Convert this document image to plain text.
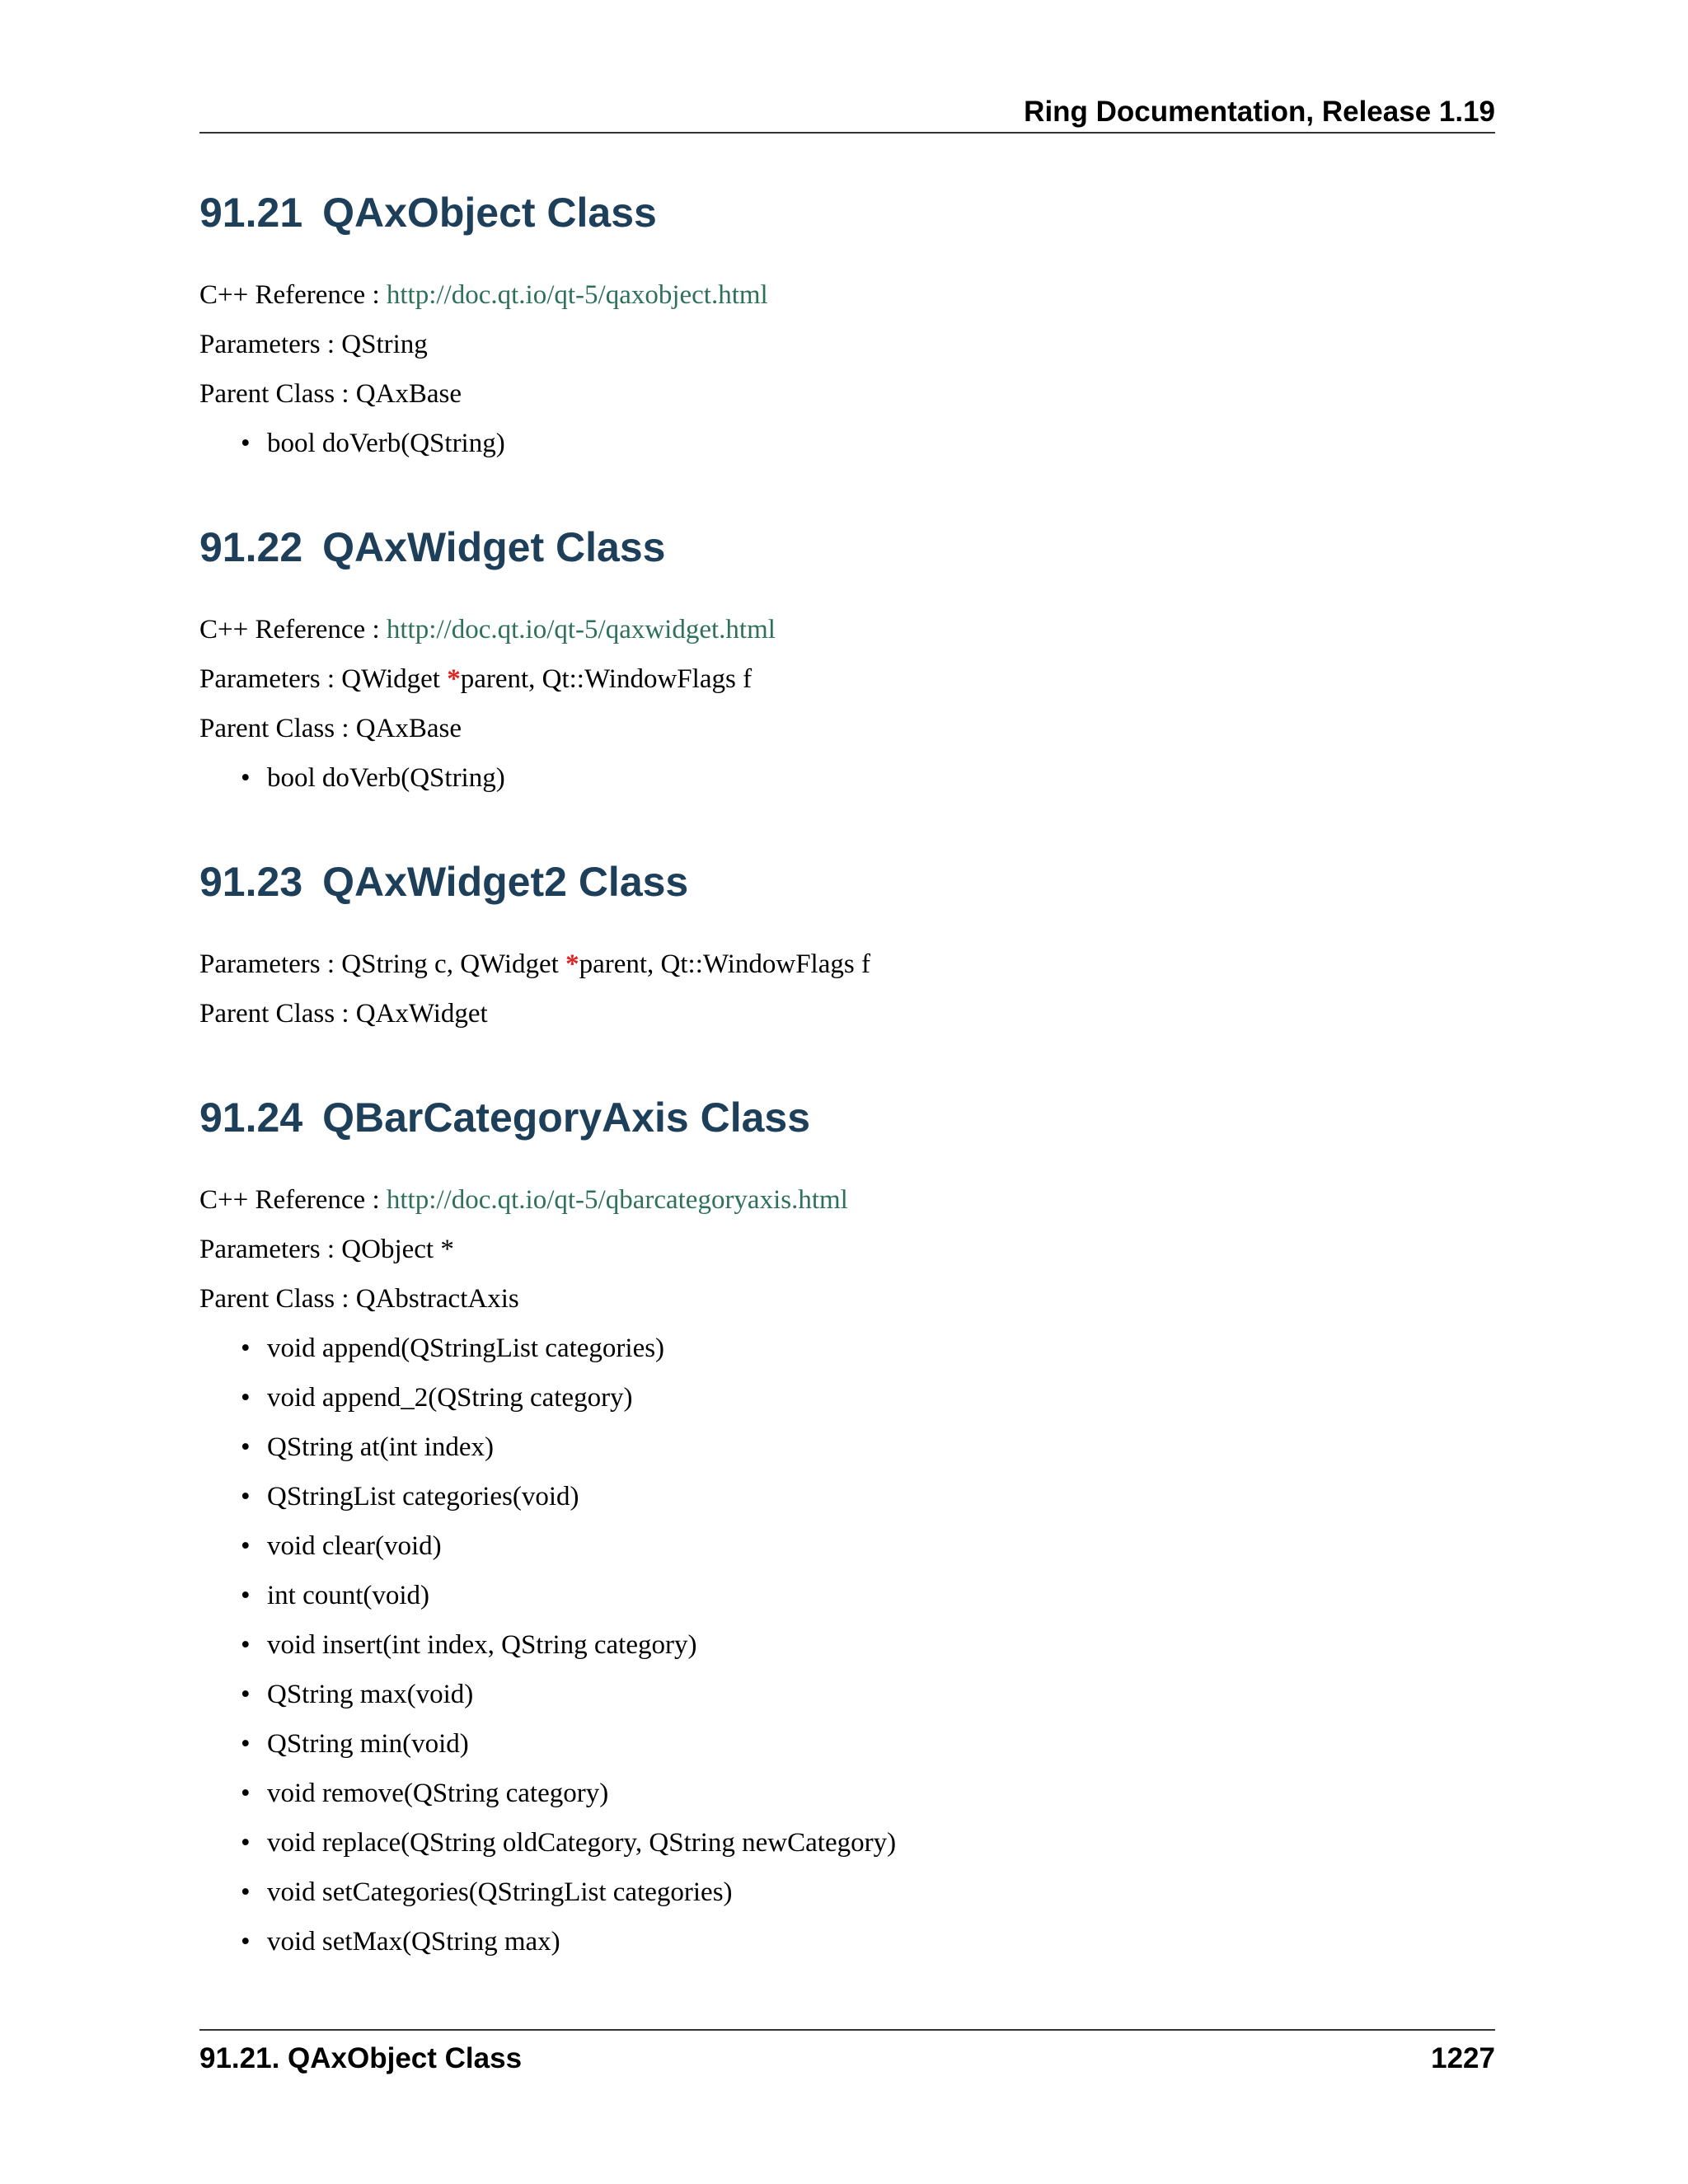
Ring Documentation, Release 1.19
91.21 QAxObject Class

C++ Reference : http://doc.qt.io/qt-5/qaxobject.html

Parameters : QString

Parent Class : QAxBase

• bool doVerb(QString)
91.22 QAxWidget Class

C++ Reference : http://doc.qt.io/qt-5/qaxwidget.html

Parameters : QWidget *parent, Qt::WindowFlags f

Parent Class : QAxBase

• bool doVerb(QString)
91.23 QAxWidget2 Class

Parameters : QString c, QWidget *parent, Qt::WindowFlags f

Parent Class : QAxWidget

91.24 QBarCategoryAxis Class

C++ Reference : http://doc.qt.io/qt-5/qbarcategoryaxis.html

Parameters : QObject *

Parent Class : QAbstractAxis

• void append(QStringList categories)
• void append_2(QString category)
• QString at(int index)
• QStringList categories(void)
• void clear(void)
• int count(void)
• void insert(int index, QString category)
• QString max(void)
• QString min(void)
• void remove(QString category)
• void replace(QString oldCategory, QString newCategory)
• void setCategories(QStringList categories)
• void setMax(QString max)
91.21. QAxObject Class	1227
